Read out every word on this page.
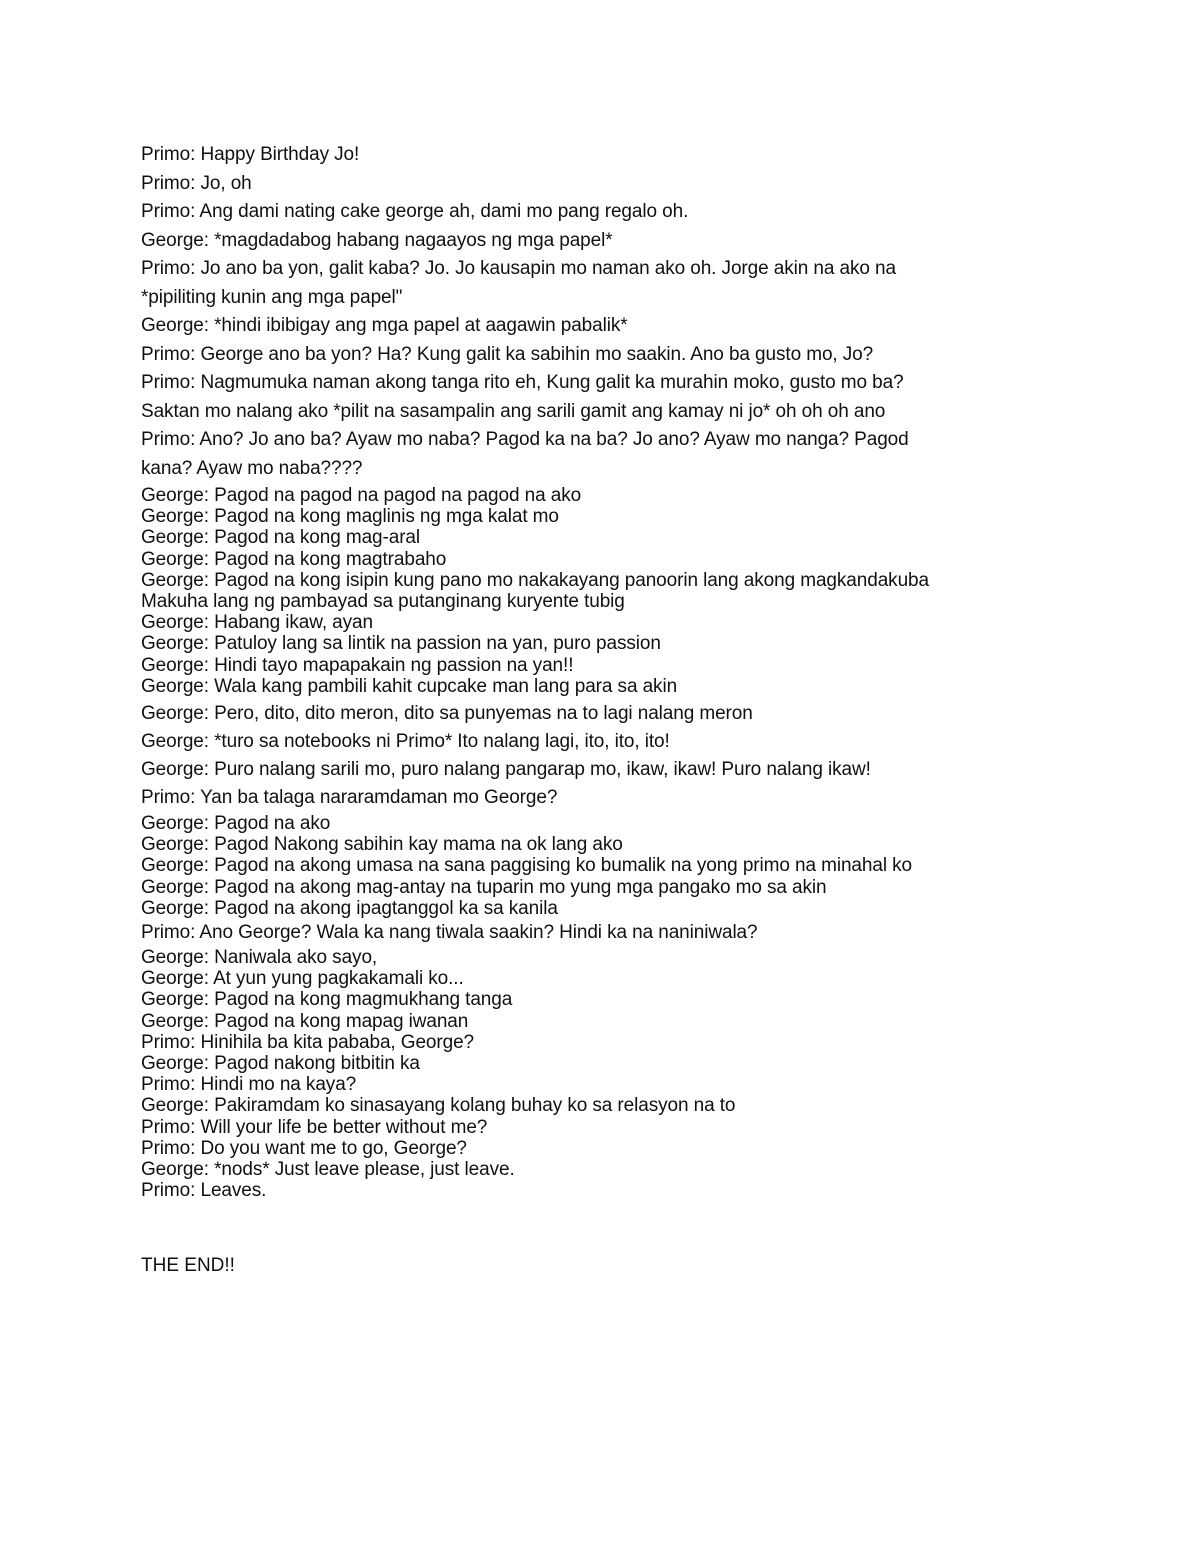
Primo: Happy Birthday Jo!
Primo: Jo, oh
Primo: Ang dami nating cake george ah, dami mo pang regalo oh.
George: *magdadabog habang nagaayos ng mga papel*
Primo: Jo ano ba yon, galit kaba? Jo. Jo kausapin mo naman ako oh. Jorge akin na ako na
*pipiliting kunin ang mga papel"
George: *hindi ibibigay ang mga papel at aagawin pabalik*
Primo: George ano ba yon? Ha? Kung galit ka sabihin mo saakin. Ano ba gusto mo, Jo?
Primo: Nagmumuka naman akong tanga rito eh, Kung galit ka murahin moko, gusto mo ba?
Saktan mo nalang ako *pilit na sasampalin ang sarili gamit ang kamay ni jo* oh oh oh ano
Primo: Ano? Jo ano ba? Ayaw mo naba? Pagod ka na ba? Jo ano? Ayaw mo nanga? Pagod
kana? Ayaw mo naba????
George: Pagod na pagod na pagod na pagod na ako
George: Pagod na kong maglinis ng mga kalat mo
George: Pagod na kong mag-aral
George: Pagod na kong magtrabaho
George: Pagod na kong isipin kung pano mo nakakayang panoorin lang akong magkandakuba
Makuha lang ng pambayad sa putanginang kuryente tubig
George: Habang ikaw, ayan
George: Patuloy lang sa lintik na passion na yan, puro passion
George: Hindi tayo mapapakain ng passion na yan!!
George: Wala kang pambili kahit cupcake man lang para sa akin
George: Pero, dito, dito meron, dito sa punyemas na to lagi nalang meron
George: *turo sa notebooks ni Primo* Ito nalang lagi, ito, ito, ito!
George: Puro nalang sarili mo, puro nalang pangarap mo, ikaw, ikaw! Puro nalang ikaw!
Primo: Yan ba talaga nararamdaman mo George?
George: Pagod na ako
George: Pagod Nakong sabihin kay mama na ok lang ako
George: Pagod na akong umasa na sana paggising ko bumalik na yong primo na minahal ko
George: Pagod na akong mag-antay na tuparin mo yung mga pangako mo sa akin
George: Pagod na akong ipagtanggol ka sa kanila
Primo: Ano George? Wala ka nang tiwala saakin? Hindi ka na naniniwala?
George: Naniwala ako sayo,
George: At yun yung pagkakamali ko...
George: Pagod na kong magmukhang tanga
George: Pagod na kong mapag iwanan
Primo: Hinihila ba kita pababa, George?
George: Pagod nakong bitbitin ka
Primo: Hindi mo na kaya?
George: Pakiramdam ko sinasayang kolang buhay ko sa relasyon na to
Primo: Will your life be better without me?
Primo: Do you want me to go, George?
George: *nods* Just leave please, just leave.
Primo: Leaves.
THE END!!
